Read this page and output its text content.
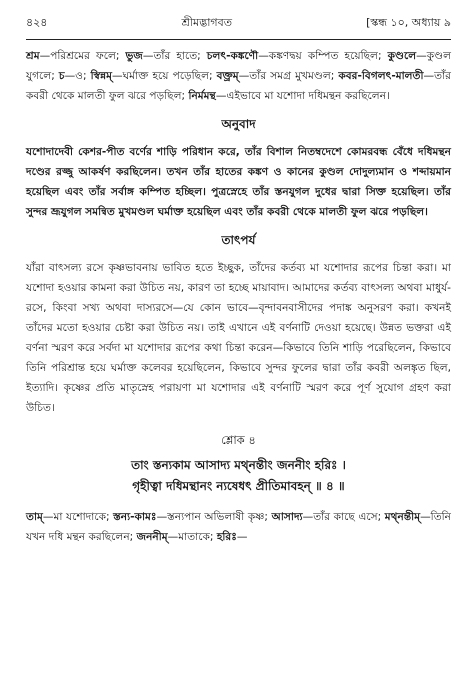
৪২৪	শ্রীমদ্ভাগবত	[স্কন্ধ ১০, অধ্যায় ৯

শ্রম—পরিশ্রমের ফলে; ভুজ—তাঁর হাতে; চলৎ-কঙ্কণৌ—কঙ্কণদ্বয় কম্পিত হয়েছিল; কুণ্ডলে—কুণ্ডল যুগলে; চ—ও; স্বিন্নম্—ঘর্মাক্ত হয়ে পড়েছিল; বক্ত্রম্—তাঁর সমগ্র মুখমণ্ডল; কবর-বিগলৎ-মালতী—তাঁর কবরী থেকে মালতী ফুল ঝরে পড়ছিল; নির্মমন্থ—এইভাবে মা যশোদা দধিমন্থন করছিলেন।

অনুবাদ

যশোদাদেবী কেশর-পীত বর্ণের শাড়ি পরিধান করে, তাঁর বিশাল নিতম্বদেশে কোমরবন্ধ বেঁধে দধিমন্থন দণ্ডের রজ্জু আকর্ষণ করছিলেন। তখন তাঁর হাতের কঙ্কণ ও কানের কুণ্ডল দোদুল্যমান ও শব্দায়মান হয়েছিল এবং তাঁর সর্বাঙ্গ কম্পিত হচ্ছিল। পুত্রস্নেহে তাঁর স্তনযুগল দুধের দ্বারা সিক্ত হয়েছিল। তাঁর সুন্দর ভ্রূযুগল সমন্বিত মুখমণ্ডল ঘর্মাক্ত হয়েছিল এবং তাঁর কবরী থেকে মালতী ফুল ঝরে পড়ছিল।

তাৎপর্য

যাঁরা বাৎসল্য রসে কৃষ্ণভাবনায় ভাবিত হতে ইচ্ছুক, তাঁদের কর্তব্য মা যশোদার রূপের চিন্তা করা। মা যশোদা হওয়ার কামনা করা উচিত নয়, কারণ তা হচ্ছে মায়াবাদ। আমাদের কর্তব্য বাৎসল্য অথবা মাধুর্য-রসে, কিংবা সখ্য অথবা দাস্যরসে—যে কোন ভাবে—বৃন্দাবনবাসীদের পদাঙ্ক অনুসরণ করা। কখনই তাঁদের মতো হওয়ার চেষ্টা করা উচিত নয়। তাই এখানে এই বর্ণনাটি দেওয়া হয়েছে। উন্নত ভক্তরা এই বর্ণনা স্মরণ করে সর্বদা মা যশোদার রূপের কথা চিন্তা করেন—কিভাবে তিনি শাড়ি পরেছিলেন, কিভাবে তিনি পরিশ্রান্ত হয়ে ঘর্মাক্ত কলেবর হয়েছিলেন, কিভাবে সুন্দর ফুলের দ্বারা তাঁর কবরী অলঙ্কৃত ছিল, ইত্যাদি। কৃষ্ণের প্রতি মাতৃস্নেহ পরায়ণা মা যশোদার এই বর্ণনাটি স্মরণ করে পূর্ণ সুযোগ গ্রহণ করা উচিত।

শ্লোক ৪

তাং স্তন্যকাম আসাদ্য মথ্নন্তীং জননীং হরিঃ ।

গৃহীত্বা দধিমন্থানং ন্যষেধৎ প্রীতিমাবহন্ ॥ ৪ ॥

তাম্—মা যশোদাকে; স্তন্য-কামঃ—স্তন্যপান অভিলাষী কৃষ্ণ; আসাদ্য—তাঁর কাছে এসে; মথ্নন্তীম্—তিনি যখন দধি মন্থন করছিলেন; জননীম্—মাতাকে; হরিঃ—
